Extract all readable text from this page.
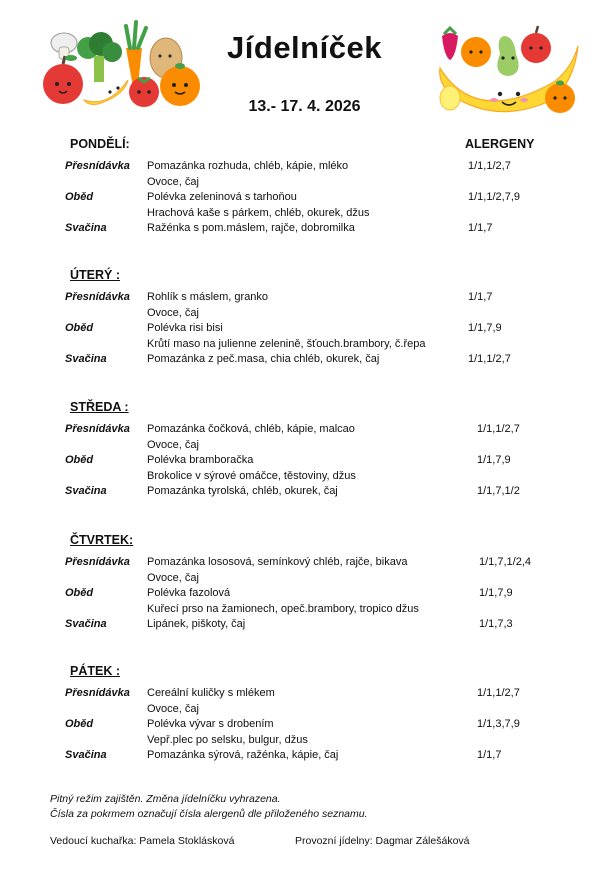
Jídelníček
13.- 17. 4. 2026
ALERGENY
PONDĚLÍ:
Přesnídávka Pomazánka rozhuda, chléb, kápie, mléko	1/1,1/2,7
Ovoce, čaj
Oběd	Polévka zeleninová s tarhoňou	1/1,1/2,7,9
Hrachová kaše s párkem, chléb, okurek, džus
Svačina	Ražénka s pom.máslem, rajče, dobromilka	1/1,7
ÚTERÝ :
Přesnídávka Rohlík s máslem, granko	1/1,7
Ovoce, čaj
Oběd	Polévka risi bisi	1/1,7,9
Krůtí maso na julienne zelenině, šťouch.brambory, č.řepa
Svačina	Pomazánka z peč.masa, chia chléb, okurek, čaj	1/1,1/2,7
STŘEDA :
Přesnídávka Pomazánka čočková, chléb, kápie, malcao	1/1,1/2,7
Ovoce, čaj
Oběd	Polévka bramboračka	1/1,7,9
Brokolice v sýrové omáčce, těstoviny, džus
Svačina	Pomazánka tyrolská, chléb, okurek, čaj	1/1,7,1/2
ČTVRTEK:
Přesnídávka Pomazánka lososová, semínkový chléb, rajče, bikava	1/1,7,1/2,4
Ovoce, čaj
Oběd	Polévka fazolová	1/1,7,9
Kuřecí prso na žamionech, opeč.brambory, tropico džus
Svačina	Lipánek, piškoty, čaj	1/1,7,3
PÁTEK :
Přesnídávka Cereální kuličky s mlékem	1/1,1/2,7
Ovoce, čaj
Oběd	Polévka vývar s drobením	1/1,3,7,9
Vepř.plec po selsku, bulgur, džus
Svačina	Pomazánka sýrová, ražénka, kápie, čaj	1/1,7
Pitný režim zajištěn. Změna jídelníčku vyhrazena.
Čísla za pokrmem označují čísla alergenů dle přiloženého seznamu.
Vedoucí kuchařka: Pamela Stoklásková	Provozní jídelny: Dagmar Zálešáková
